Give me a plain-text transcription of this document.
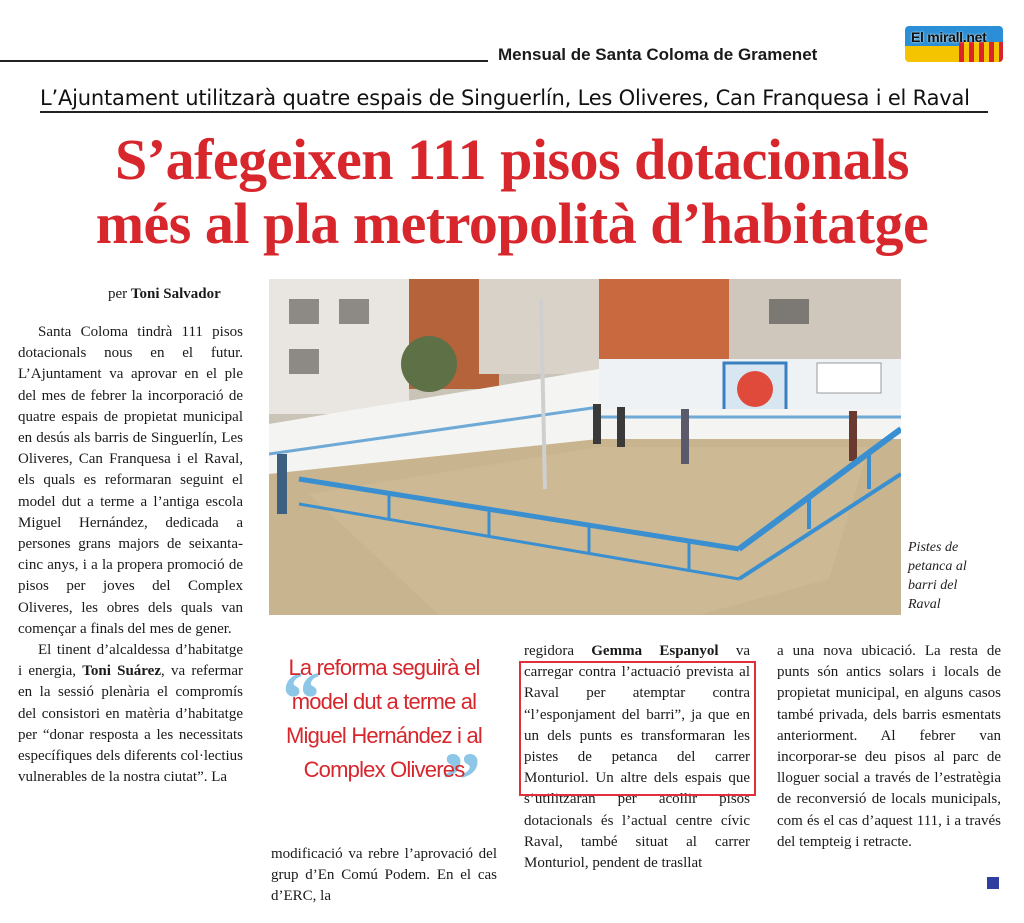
Mensual de Santa Coloma de Gramenet
El mirall.net
L’Ajuntament utilitzarà quatre espais de Singuerlín, Les Oliveres, Can Franquesa i el Raval
S’afegeixen 111 pisos dotacionals
més al pla metropolità d’habitatge
per Toni Salvador
Pistes de petanca al barri del Raval

Santa Coloma tindrà 111 pisos dotacionals nous en el futur. L’Ajuntament va aprovar en el ple del mes de febrer la incorporació de quatre espais de propietat municipal en desús als barris de Singuerlín, Les Oliveres, Can Franquesa i el Raval, els quals es reformaran seguint el model dut a terme a l’antiga escola Miguel Hernández, dedicada a persones grans majors de seixanta-cinc anys, i a la propera promoció de pisos per joves del Complex Oliveres, les obres dels quals van començar a finals del mes de gener.

El tinent d’alcaldessa d’habitatge i energia, Toni Suárez, va refermar en la sessió plenària el compromís del consistori en matèria d’habitatge per “donar resposta a les necessitats específiques dels diferents col·lectius vulnerables de la nostra ciutat”. La

“
”
La reforma seguirà el model dut a terme al Miguel Hernández i al Complex Oliveres

modificació va rebre l’aprovació del grup d’En Comú Podem. En el cas d’ERC, la

regidora Gemma Espanyol va carregar contra l’actuació prevista al Raval per atemptar contra “l’esponjament del barri”, ja que en un dels punts es transformaran les pistes de petanca del carrer Monturiol. Un altre dels espais que s’utilitzaran per acollir pisos dotacionals és l’actual centre cívic Raval, també situat al carrer Monturiol, pendent de trasllat

a una nova ubicació. La resta de punts són antics solars i locals de propietat municipal, en alguns casos també privada, dels barris esmentats anteriorment. Al febrer van incorporar-se deu pisos al parc de lloguer social a través de l’estratègia de reconversió de locals municipals, com és el cas d’aquest 111, i a través del tempteig i retracte.
